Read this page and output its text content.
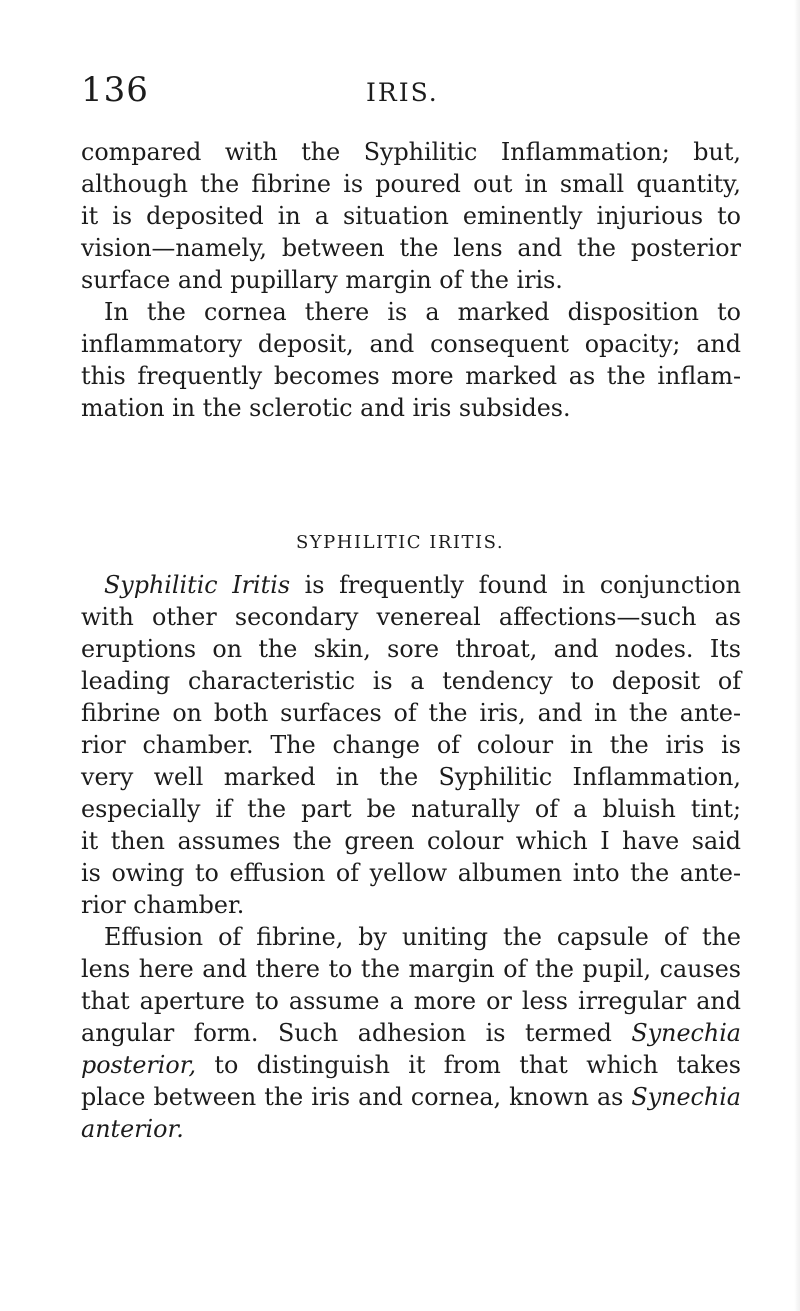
136	IRIS.
compared with the Syphilitic Inflammation; but,
although the fibrine is poured out in small quantity,
it is deposited in a situation eminently injurious to
vision—namely, between the lens and the posterior
surface and pupillary margin of the iris.
In the cornea there is a marked disposition to
inflammatory deposit, and consequent opacity; and
this frequently becomes more marked as the inflam-
mation in the sclerotic and iris subsides.
SYPHILITIC IRITIS.
Syphilitic Iritis is frequently found in conjunction
with other secondary venereal affections—such as
eruptions on the skin, sore throat, and nodes. Its
leading characteristic is a tendency to deposit of
fibrine on both surfaces of the iris, and in the ante-
rior chamber. The change of colour in the iris is
very well marked in the Syphilitic Inflammation,
especially if the part be naturally of a bluish tint;
it then assumes the green colour which I have said
is owing to effusion of yellow albumen into the ante-
rior chamber.
Effusion of fibrine, by uniting the capsule of the
lens here and there to the margin of the pupil, causes
that aperture to assume a more or less irregular and
angular form. Such adhesion is termed Synechia
posterior, to distinguish it from that which takes
place between the iris and cornea, known as Synechia
anterior.
